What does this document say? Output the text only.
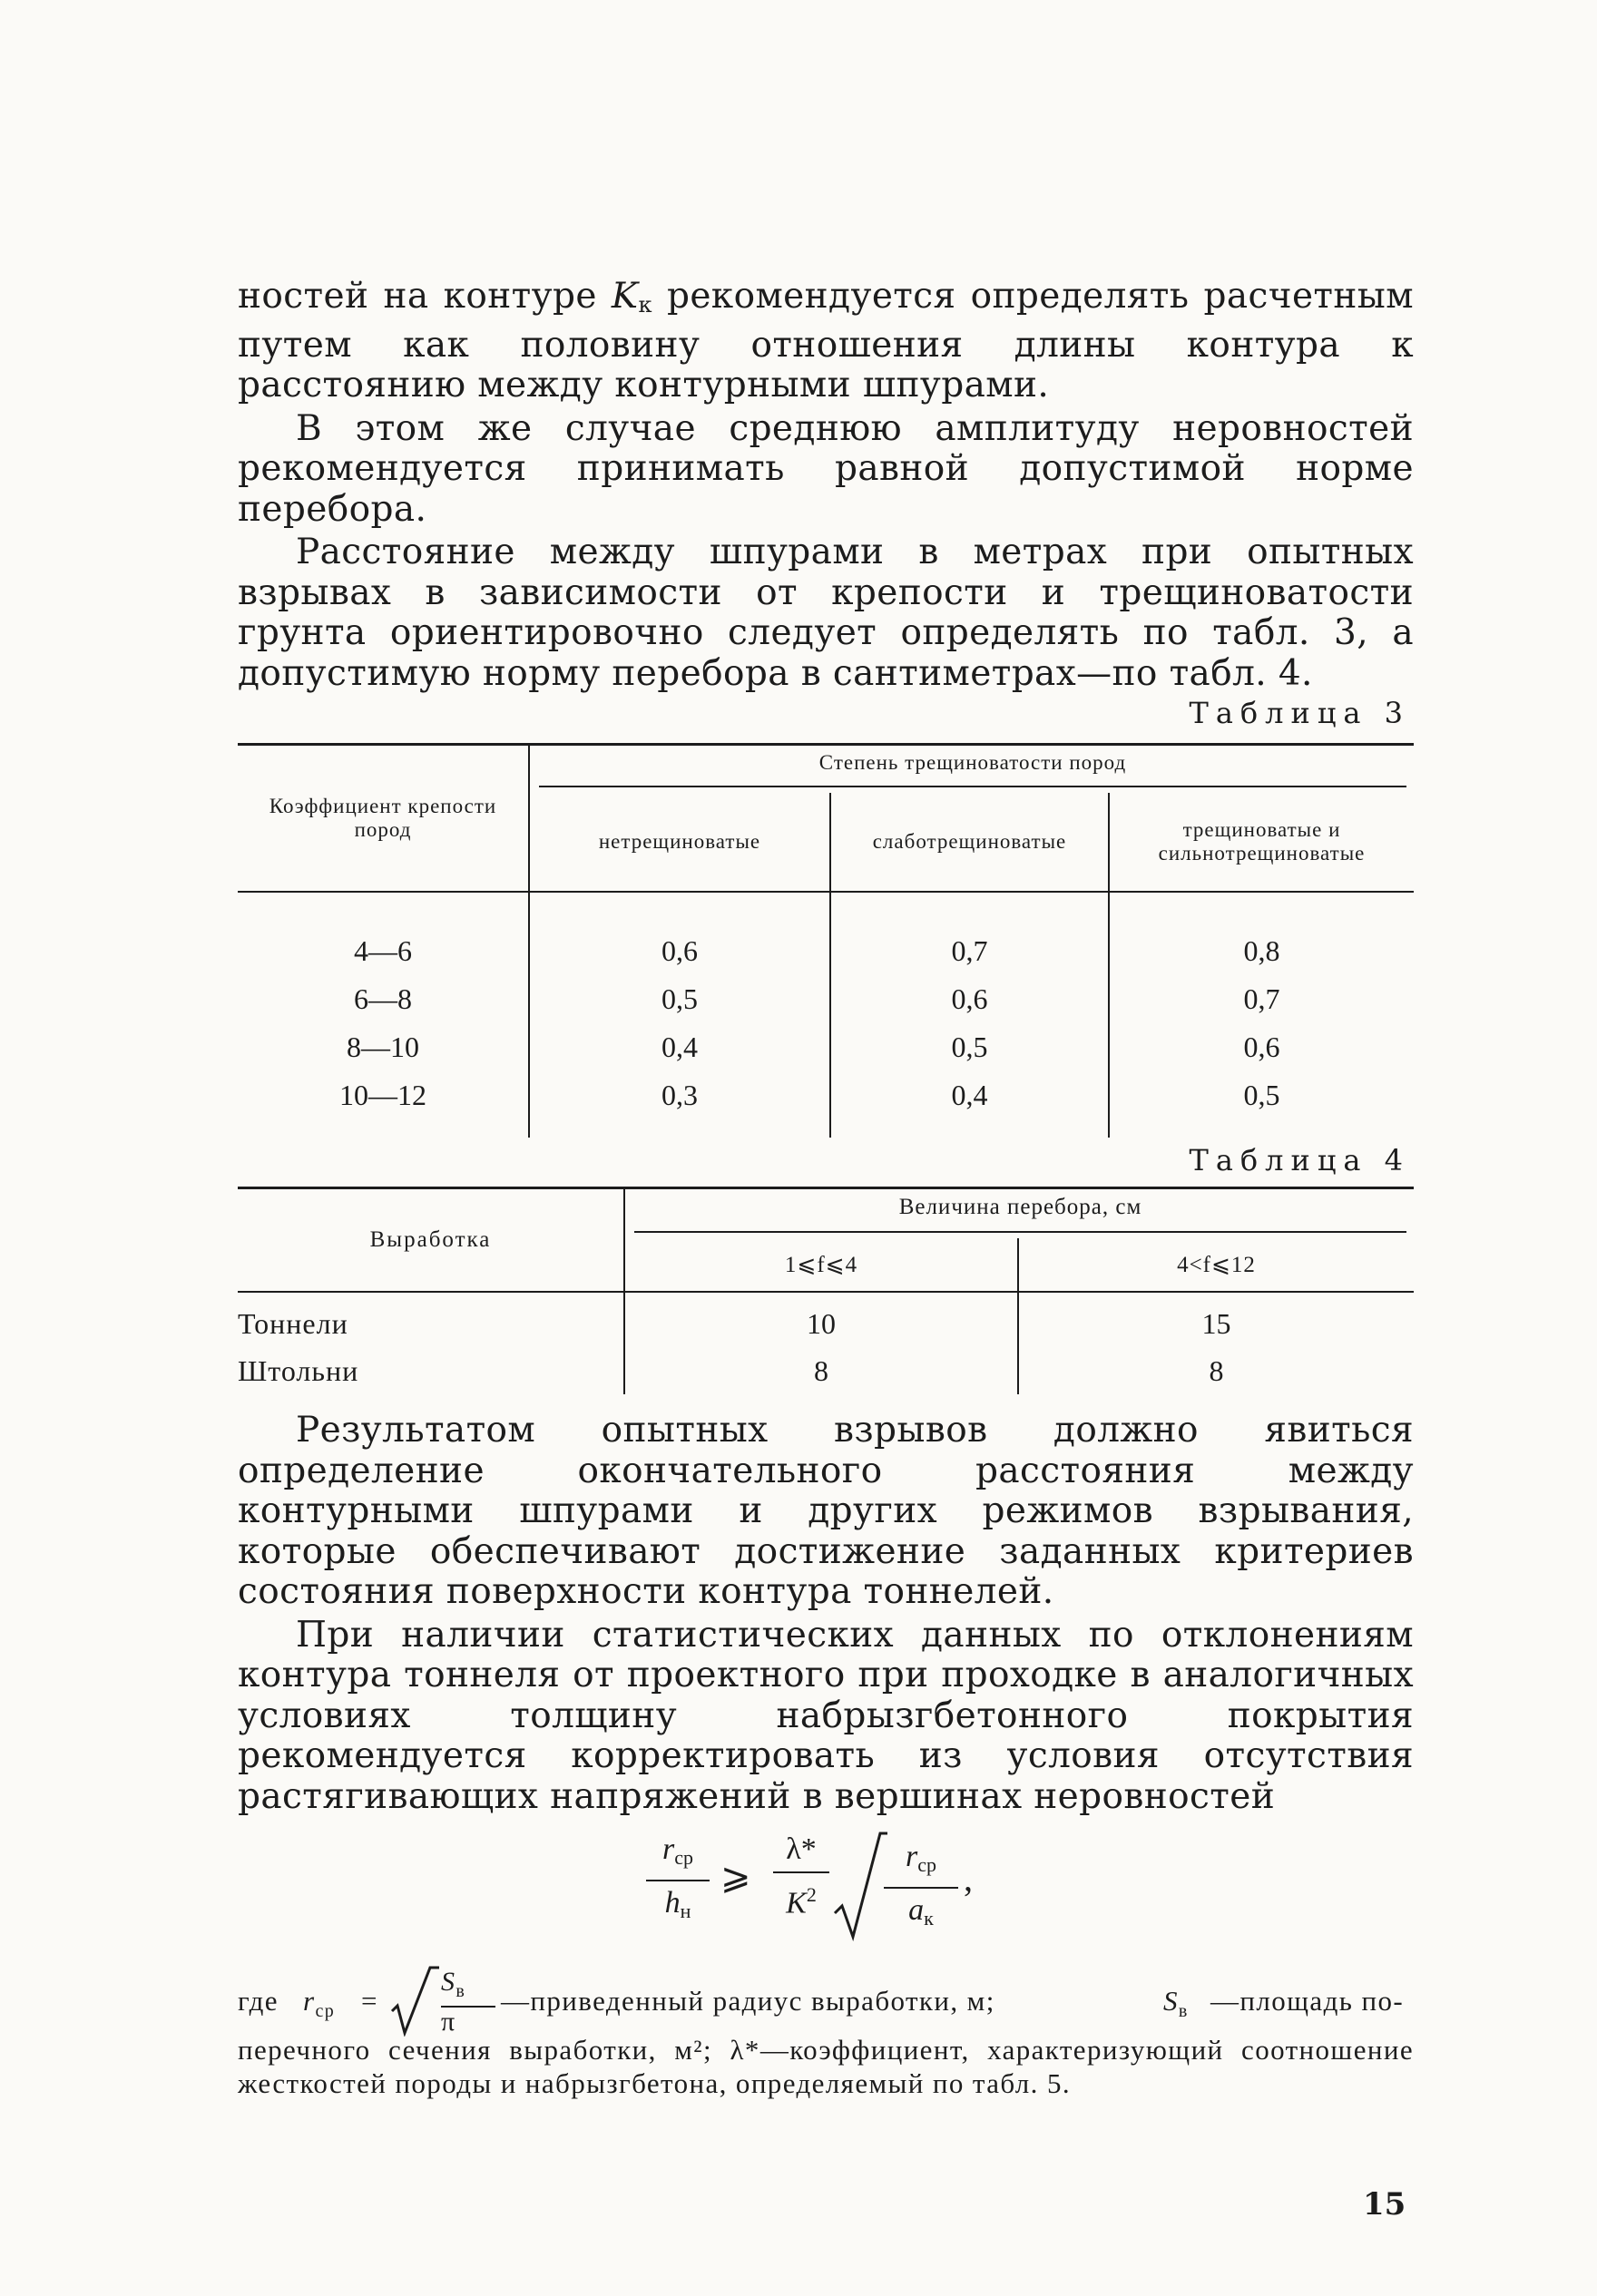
ностей на контуре $K_к$ рекомендуется определять расчетным путем как половину отношения длины контура к расстоянию между контурными шпурами.

В этом же случае среднюю амплитуду неровностей рекомендуется принимать равной допустимой норме перебора.

Расстояние между шпурами в метрах при опытных взрывах в зависимости от крепости и трещиноватости грунта ориентировочно следует определять по табл. 3, а допустимую норму перебора в сантиметрах—по табл. 4.

Таблица 3

Коэффициент крепости пород	Степень трещиноватости пород		

	нетрещиноватые	слаботрещиноватые	трещиноватые и сильнотрещиноватые
4—6	0,6	0,7	0,8
6—8	0,5	0,6	0,7
8—10	0,4	0,5	0,6
10—12	0,3	0,4	0,5

Таблица 4

Выработка	Величина перебора, см	

	1⩽f⩽4	4<f⩽12
Тоннели	10	15
Штольни	8	8

Результатом опытных взрывов должно явиться определение окончательного расстояния между контурными шпурами и других режимов взрывания, которые обеспечивают достижение заданных критериев состояния поверхности контура тоннелей.

При наличии статистических данных по отклонениям контура тоннеля от проектного при проходке в аналогичных условиях толщину набрызгбетонного покрытия рекомендуется корректировать из условия отсутствия растягивающих напряжений в вершинах неровностей

$r_{ср}$
$h_н$
⩾
λ*
$K^2$
$r_{ср}$
$a_к$
,
где $r_{ср}$ =
$S_в$
π
—приведенный радиус выработки, м;	$S_в$ —площадь по-

перечного сечения выработки, м²; λ*—коэффициент, характеризующий соотношение жесткостей породы и набрызгбетона, определяемый по табл. 5.

15
